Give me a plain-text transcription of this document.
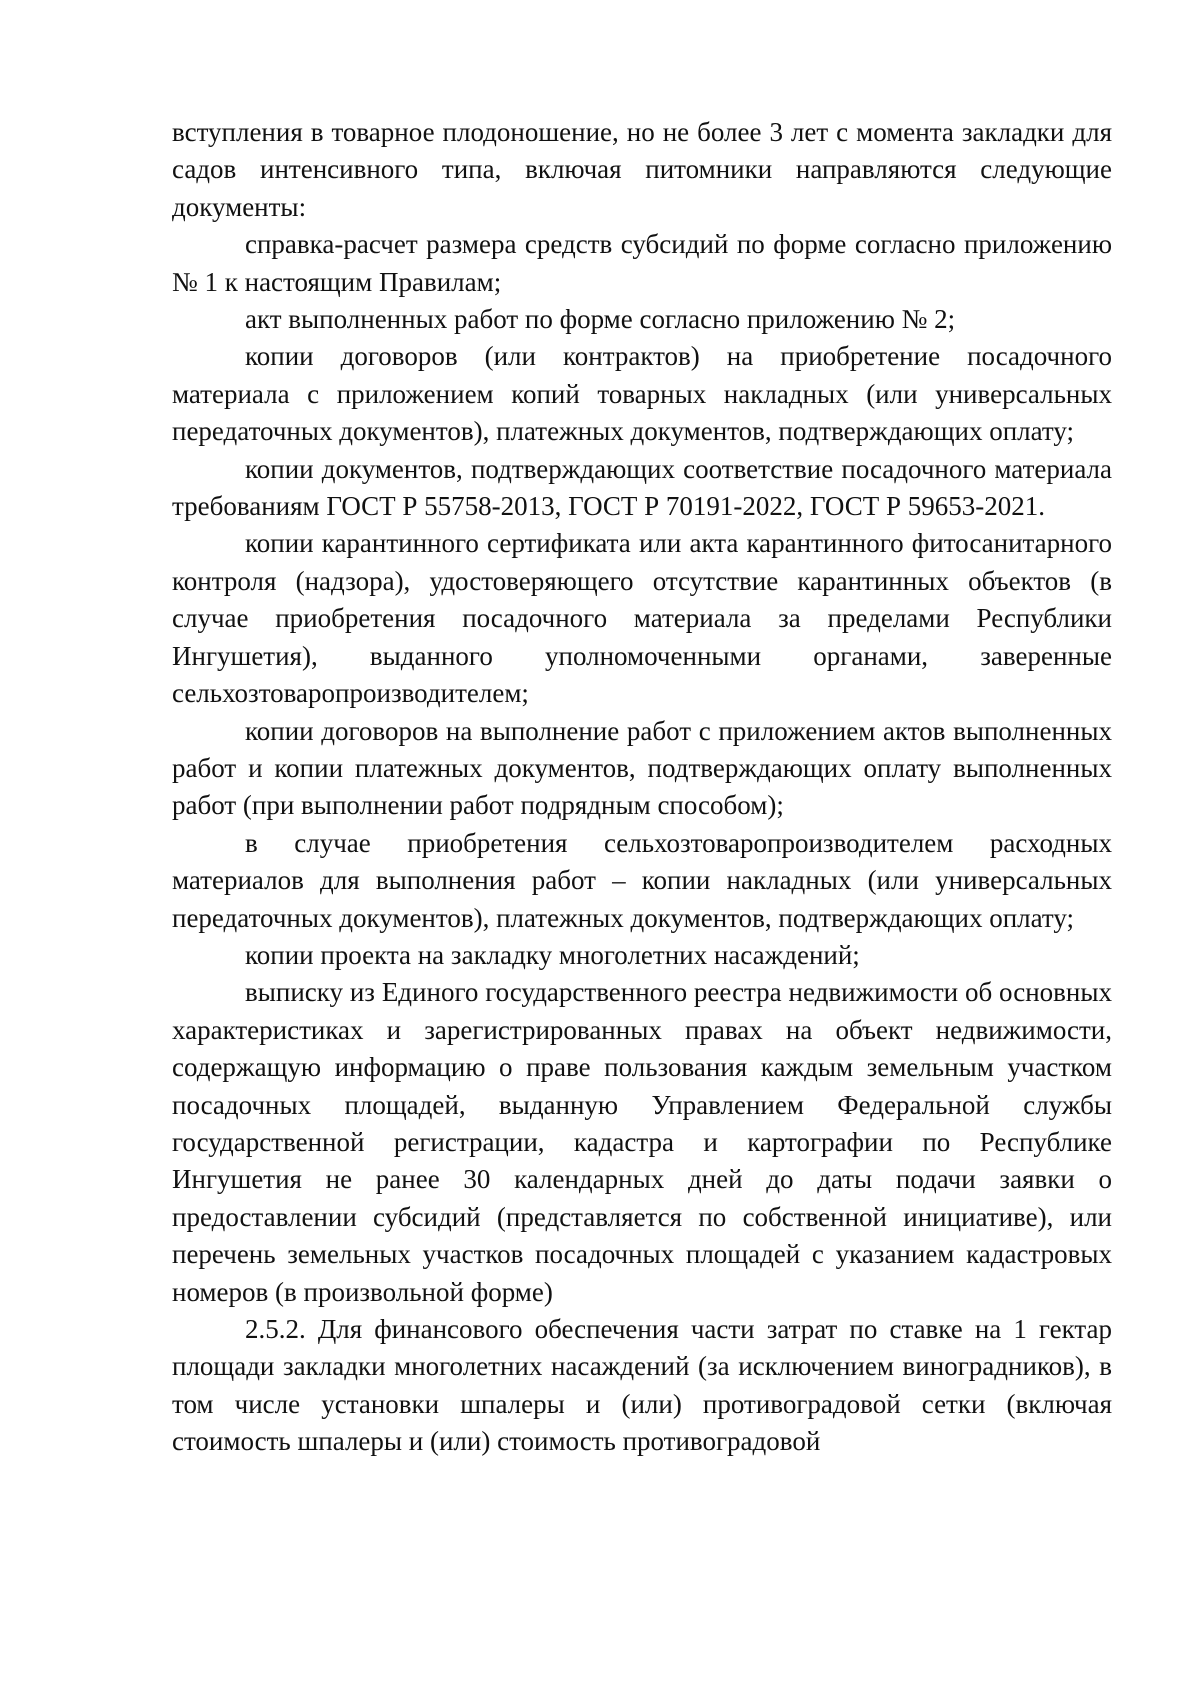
вступления в товарное плодоношение, но не более 3 лет с момента закладки для садов интенсивного типа, включая питомники направляются следующие документы:

справка-расчет размера средств субсидий по форме согласно приложению № 1 к настоящим Правилам;

акт выполненных работ по форме согласно приложению № 2;

копии договоров (или контрактов) на приобретение посадочного материала с приложением копий товарных накладных (или универсальных передаточных документов), платежных документов, подтверждающих оплату;

копии документов, подтверждающих соответствие посадочного материала требованиям ГОСТ Р 55758-2013, ГОСТ Р 70191-2022, ГОСТ Р 59653-2021.

копии карантинного сертификата или акта карантинного фитосанитарного контроля (надзора), удостоверяющего отсутствие карантинных объектов (в случае приобретения посадочного материала за пределами Республики Ингушетия), выданного уполномоченными органами, заверенные сельхозтоваропроизводителем;

копии договоров на выполнение работ с приложением актов выполненных работ и копии платежных документов, подтверждающих оплату выполненных работ (при выполнении работ подрядным способом);

в случае приобретения сельхозтоваропроизводителем расходных материалов для выполнения работ – копии накладных (или универсальных передаточных документов), платежных документов, подтверждающих оплату;

копии проекта на закладку многолетних насаждений;

выписку из Единого государственного реестра недвижимости об основных характеристиках и зарегистрированных правах на объект недвижимости, содержащую информацию о праве пользования каждым земельным участком посадочных площадей, выданную Управлением Федеральной службы государственной регистрации, кадастра и картографии по Республике Ингушетия не ранее 30 календарных дней до даты подачи заявки о предоставлении субсидий (представляется по собственной инициативе), или перечень земельных участков посадочных площадей с указанием кадастровых номеров (в произвольной форме)

2.5.2. Для финансового обеспечения части затрат по ставке на 1 гектар площади закладки многолетних насаждений (за исключением виноградников), в том числе установки шпалеры и (или) противоградовой сетки (включая стоимость шпалеры и (или) стоимость противоградовой
